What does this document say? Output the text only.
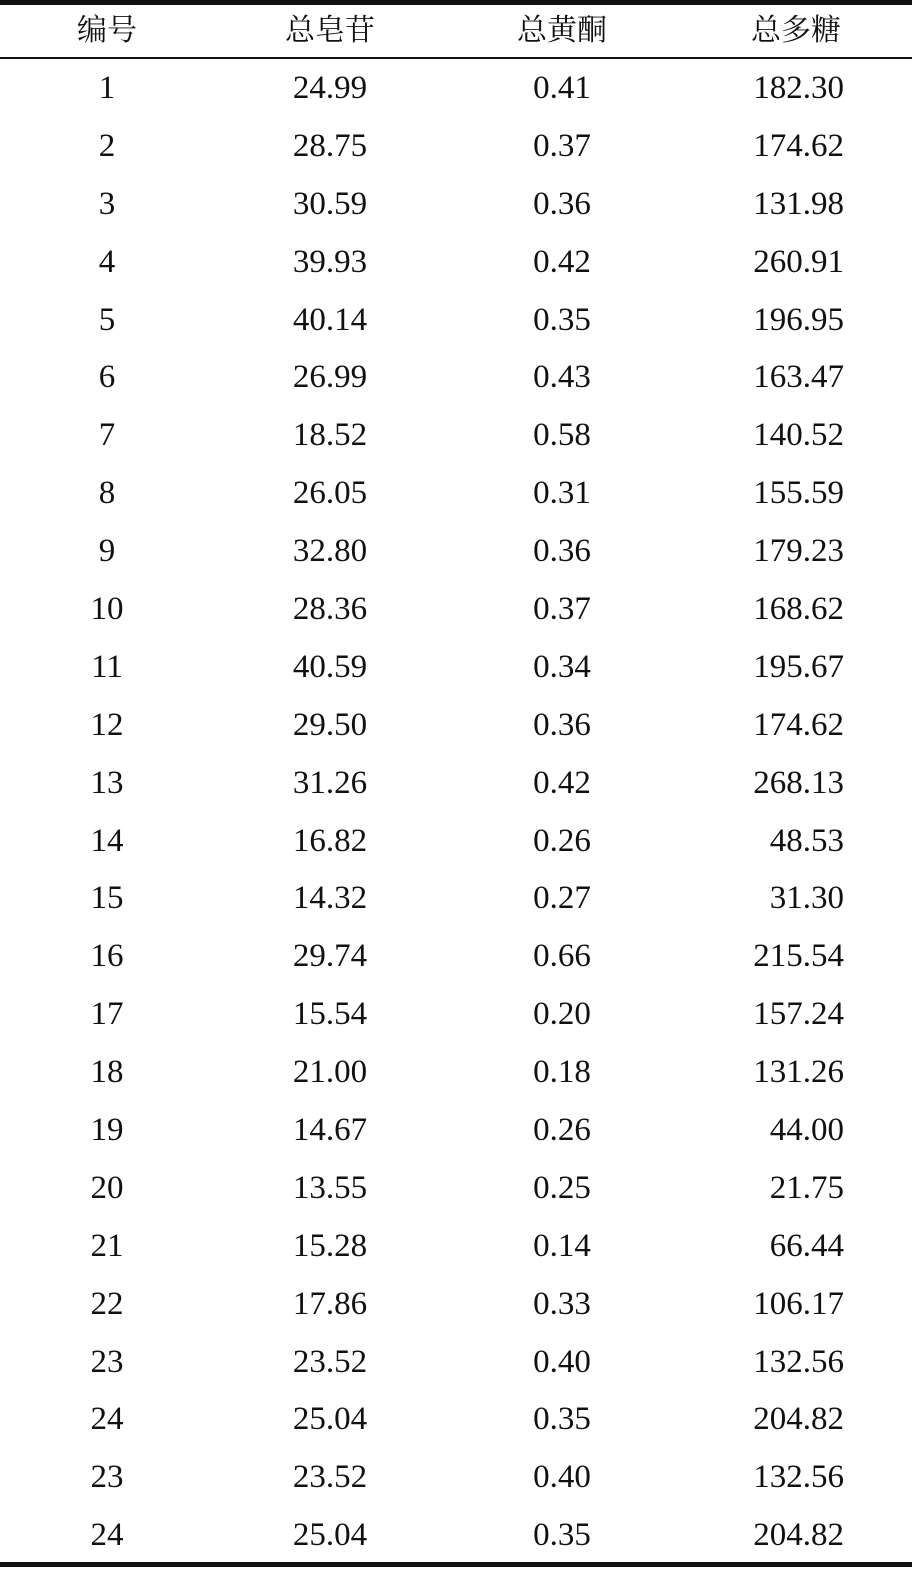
编号	总皂苷	总黄酮	总多糖
1	24.99	0.41	182.30
2	28.75	0.37	174.62
3	30.59	0.36	131.98
4	39.93	0.42	260.91
5	40.14	0.35	196.95
6	26.99	0.43	163.47
7	18.52	0.58	140.52
8	26.05	0.31	155.59
9	32.80	0.36	179.23
10	28.36	0.37	168.62
11	40.59	0.34	195.67
12	29.50	0.36	174.62
13	31.26	0.42	268.13
14	16.82	0.26	48.53
15	14.32	0.27	31.30
16	29.74	0.66	215.54
17	15.54	0.20	157.24
18	21.00	0.18	131.26
19	14.67	0.26	44.00
20	13.55	0.25	21.75
21	15.28	0.14	66.44
22	17.86	0.33	106.17
23	23.52	0.40	132.56
24	25.04	0.35	204.82
23	23.52	0.40	132.56
24	25.04	0.35	204.82
